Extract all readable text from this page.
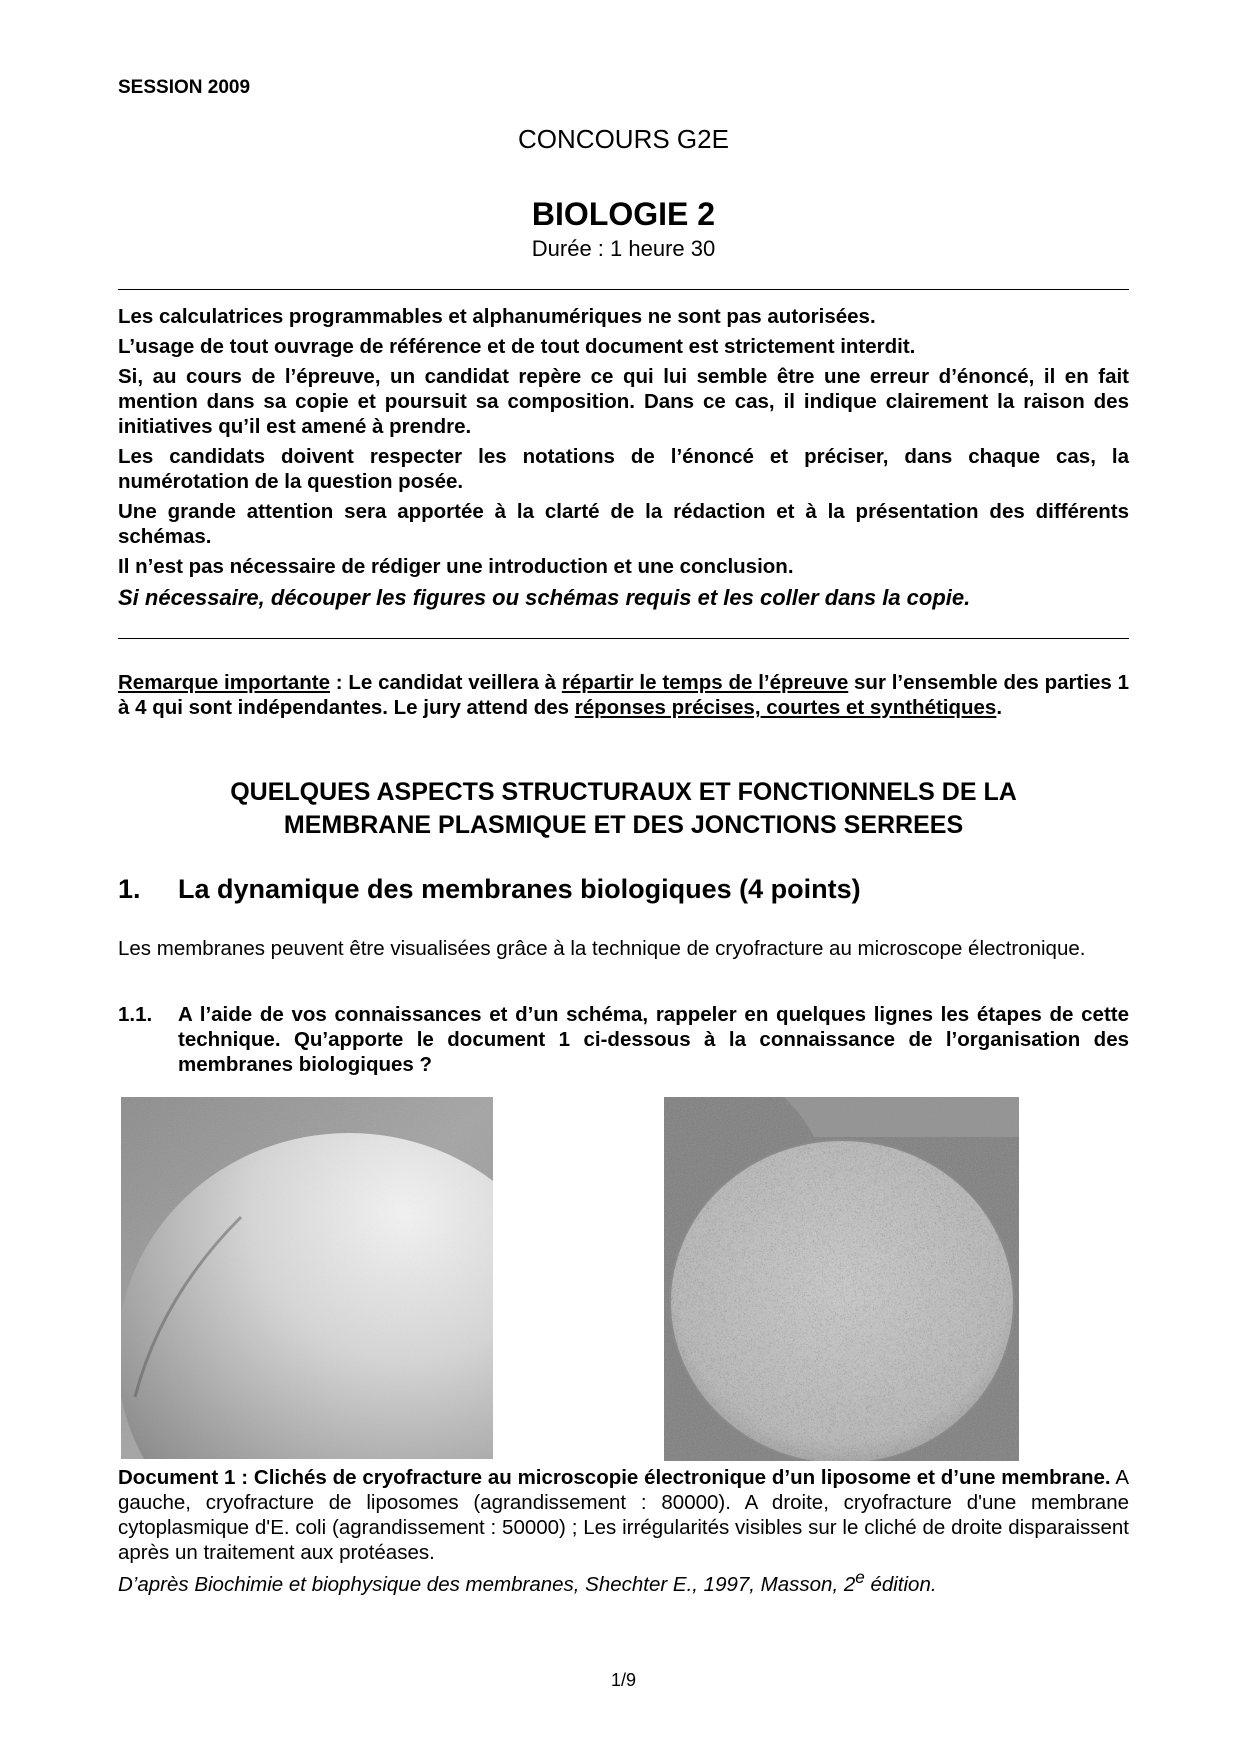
SESSION 2009
CONCOURS G2E
BIOLOGIE 2
Durée : 1 heure 30

Les calculatrices programmables et alphanumériques ne sont pas autorisées.

L’usage de tout ouvrage de référence et de tout document est strictement interdit.

Si, au cours de l’épreuve, un candidat repère ce qui lui semble être une erreur d’énoncé, il en fait mention dans sa copie et poursuit sa composition. Dans ce cas, il indique clairement la raison des initiatives qu’il est amené à prendre.

Les candidats doivent respecter les notations de l’énoncé et préciser, dans chaque cas, la numérotation de la question posée.

Une grande attention sera apportée à la clarté de la rédaction et à la présentation des différents schémas.

Il n’est pas nécessaire de rédiger une introduction et une conclusion.

Si nécessaire, découper les figures ou schémas requis et les coller dans la copie.

Remarque importante : Le candidat veillera à répartir le temps de l’épreuve sur l’ensemble des parties 1 à 4 qui sont indépendantes. Le jury attend des réponses précises, courtes et synthétiques.
QUELQUES ASPECTS STRUCTURAUX ET FONCTIONNELS DE LA
MEMBRANE PLASMIQUE ET DES JONCTIONS SERREES
1. La dynamique des membranes biologiques (4 points)
Les membranes peuvent être visualisées grâce à la technique de cryofracture au microscope électronique.
1.1. A l’aide de vos connaissances et d’un schéma, rappeler en quelques lignes les étapes de cette technique. Qu’apporte le document 1 ci-dessous à la connaissance de l’organisation des membranes biologiques ?
Document 1 : Clichés de cryofracture au microscopie électronique d’un liposome et d’une membrane. A gauche, cryofracture de liposomes (agrandissement : 80000). A droite, cryofracture d'une membrane cytoplasmique d'E. coli (agrandissement : 50000) ; Les irrégularités visibles sur le cliché de droite disparaissent après un traitement aux protéases.
D’après Biochimie et biophysique des membranes, Shechter E., 1997, Masson, 2e édition.
1/9
